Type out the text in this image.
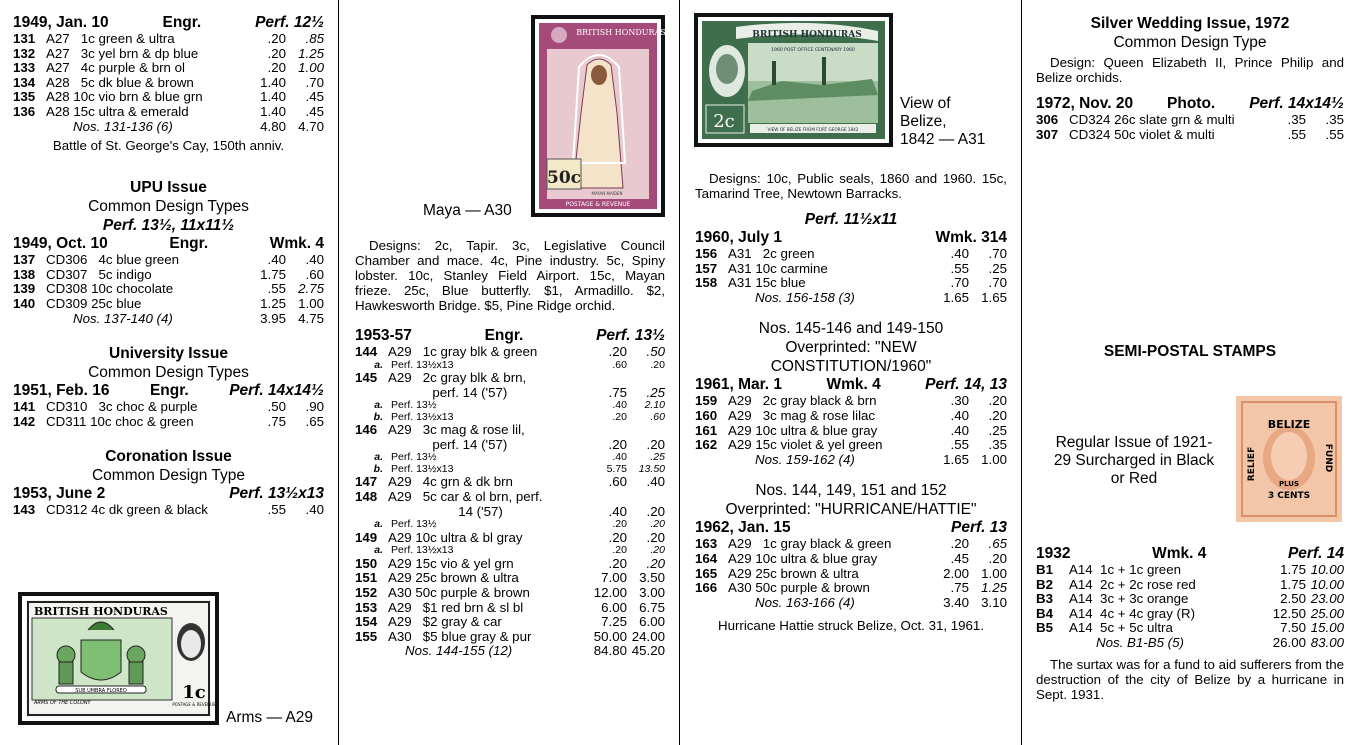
1949, Jan. 10	Engr.	Perf. 12½
131 A27   1c green & ultra	.20	.85
132 A27   3c yel brn & dp blue	.20 1.25
133 A27   4c purple & brn ol	.20 1.00
134 A28   5c dk blue & brown	1.40	.70
135 A28 10c vio brn & blue grn	1.40	.45
136 A28 15c ultra & emerald	1.40	.45
Nos. 131-136 (6)	4.80 4.70
Battle of St. George's Cay, 150th anniv.
UPU Issue
Common Design Types
Perf. 13½, 11x11½
1949, Oct. 10	Engr.	Wmk. 4
137 CD306   4c blue green	.40	.40
138 CD307   5c indigo	1.75	.60
139 CD308 10c chocolate	.55 2.75
140 CD309 25c blue	1.25 1.00
Nos. 137-140 (4)	3.95 4.75
University Issue
Common Design Types
1951, Feb. 16	Engr.	Perf. 14x14½
141 CD310   3c choc & purple	.50	.90
142 CD311 10c choc & green	.75	.65
Coronation Issue
Common Design Type
1953, June 2	Perf. 13½x13
143 CD312 4c dk green & black	.55	.40
SUB UMBRA FLOREO
ARMS OF THE COLONY
BRITISH HONDURAS
1c
POSTAGE & REVENUE
Arms — A29
BRITISH HONDURAS
50c
MAYAN MAIDEN
POSTAGE & REVENUE
Maya — A30
Designs: 2c, Tapir. 3c, Legislative Council Chamber and mace. 4c, Pine industry. 5c, Spiny lobster. 10c, Stanley Field Airport. 15c, Mayan frieze. 25c, Blue butterfly. $1, Armadillo. $2, Hawkesworth Bridge. $5, Pine Ridge orchid.
1953-57	Engr.	Perf. 13½
144 A29   1c gray blk & green	.20	.50
a. Perf. 13½x13	.60	.20
145 A29   2c gray blk & brn,
perf. 14 ('57)	.75	.25
a. Perf. 13½	.40	2.10
b. Perf. 13½x13	.20	.60
146 A29   3c mag & rose lil,
perf. 14 ('57)	.20	.20
a. Perf. 13½	.40	.25
b. Perf. 13½x13	5.75	13.50
147 A29   4c grn & dk brn	.60	.40
148 A29   5c car & ol brn, perf.
14 ('57)	.40	.20
a. Perf. 13½	.20	.20
149 A29 10c ultra & bl gray	.20	.20
a. Perf. 13½x13	.20	.20
150 A29 15c vio & yel grn	.20	.20
151 A29 25c brown & ultra	7.00 3.50
152 A30 50c purple & brown	12.00 3.00
153 A29   $1 red brn & sl bl	6.00 6.75
154 A29   $2 gray & car	7.25 6.00
155 A30   $5 blue gray & pur	50.00 24.00
Nos. 144-155 (12)	84.80 45.20
BRITISH HONDURAS
1960 POST OFFICE CENTENARY 1960
2c	VIEW OF BELIZE FROM FORT GEORGE 1842
View of
Belize,
1842 — A31
Designs: 10c, Public seals, 1860 and 1960. 15c, Tamarind Tree, Newtown Barracks.
Perf. 11½x11
1960, July 1	Wmk. 314
156 A31   2c green	.40	.70
157 A31 10c carmine	.55	.25
158 A31 15c blue	.70	.70
Nos. 156-158 (3)	1.65 1.65
Nos. 145-146 and 149-150
Overprinted: "NEW
CONSTITUTION/1960"
1961, Mar. 1	Wmk. 4	Perf. 14, 13
159 A29   2c gray black & brn	.30	.20
160 A29   3c mag & rose lilac	.40	.20
161 A29 10c ultra & blue gray	.40	.25
162 A29 15c violet & yel green	.55	.35
Nos. 159-162 (4)	1.65 1.00
Nos. 144, 149, 151 and 152
Overprinted: "HURRICANE/HATTIE"
1962, Jan. 15	Perf. 13
163 A29   1c gray black & green	.20	.65
164 A29 10c ultra & blue gray	.45	.20
165 A29 25c brown & ultra	2.00 1.00
166 A30 50c purple & brown	.75 1.25
Nos. 163-166 (4)	3.40 3.10
Hurricane Hattie struck Belize, Oct. 31, 1961.
Silver Wedding Issue, 1972
Common Design Type
Design: Queen Elizabeth II, Prince Philip and Belize orchids.
1972, Nov. 20 Photo. Perf. 14x14½
306 CD324 26c slate grn & multi	.35	.35
307 CD324 50c violet & multi	.55	.55
SEMI-POSTAL STAMPS
Regular Issue of 1921-
29 Surcharged in Black
or Red
BELIZE
RELIEF	FUND
PLUS
3 CENTS
1932	Wmk. 4	Perf. 14
B1	A14  1c + 1c green	1.75 10.00
B2	A14  2c + 2c rose red	1.75 10.00
B3	A14  3c + 3c orange	2.50 23.00
B4	A14  4c + 4c gray (R)	12.50 25.00
B5	A14  5c + 5c ultra	7.50 15.00
Nos. B1-B5 (5)	26.00 83.00
The surtax was for a fund to aid sufferers from the destruction of the city of Belize by a hurricane in Sept. 1931.
